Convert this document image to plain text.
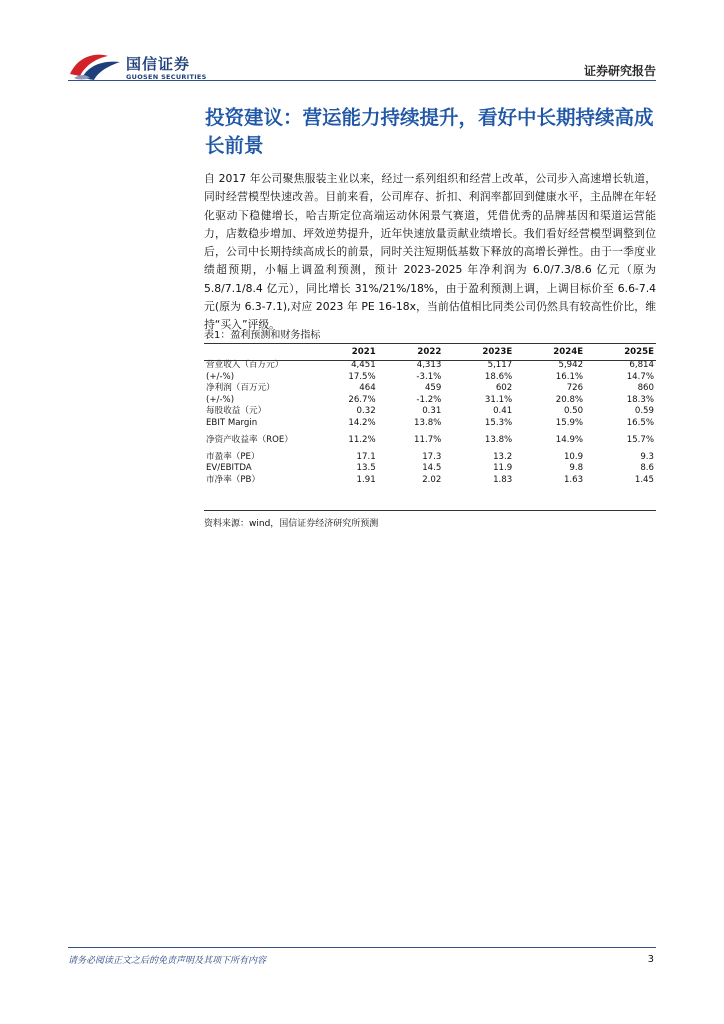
国信证券
GUOSEN SECURITIES	证券研究报告
投资建议：营运能力持续提升，看好中长期持续高成长前景
自 2017 年公司聚焦服装主业以来，经过一系列组织和经营上改革，公司步入高速增长轨道，同时经营模型快速改善。目前来看，公司库存、折扣、利润率都回到健康水平，主品牌在年轻化驱动下稳健增长，哈吉斯定位高端运动休闲景气赛道，凭借优秀的品牌基因和渠道运营能力，店数稳步增加、坪效逆势提升，近年快速放量贡献业绩增长。我们看好经营模型调整到位后，公司中长期持续高成长的前景，同时关注短期低基数下释放的高增长弹性。由于一季度业绩超预期，小幅上调盈利预测，预计 2023-2025 年净利润为 6.0/7.3/8.6 亿元（原为 5.8/7.1/8.4 亿元），同比增长 31%/21%/18%，由于盈利预测上调，上调目标价至 6.6-7.4 元(原为 6.3-7.1),对应 2023 年 PE 16-18x，当前估值相比同类公司仍然具有较高性价比，维持“买入”评级。
表1：盈利预测和财务指标
	2021	2022	2023E	2024E	2025E
营业收入（百万元）	4,451	4,313	5,117	5,942	6,814
(+/-%)	17.5%	-3.1%	18.6%	16.1%	14.7%
净利润（百万元）	464	459	602	726	860
(+/-%)	26.7%	-1.2%	31.1%	20.8%	18.3%
每股收益（元）	0.32	0.31	0.41	0.50	0.59
EBIT Margin	14.2%	13.8%	15.3%	15.9%	16.5%
净资产收益率（ROE）	11.2%	11.7%	13.8%	14.9%	15.7%
市盈率（PE）	17.1	17.3	13.2	10.9	9.3
EV/EBITDA	13.5	14.5	11.9	9.8	8.6
市净率（PB）	1.91	2.02	1.83	1.63	1.45
资料来源：wind，国信证券经济研究所预测
请务必阅读正文之后的免责声明及其项下所有内容	3
